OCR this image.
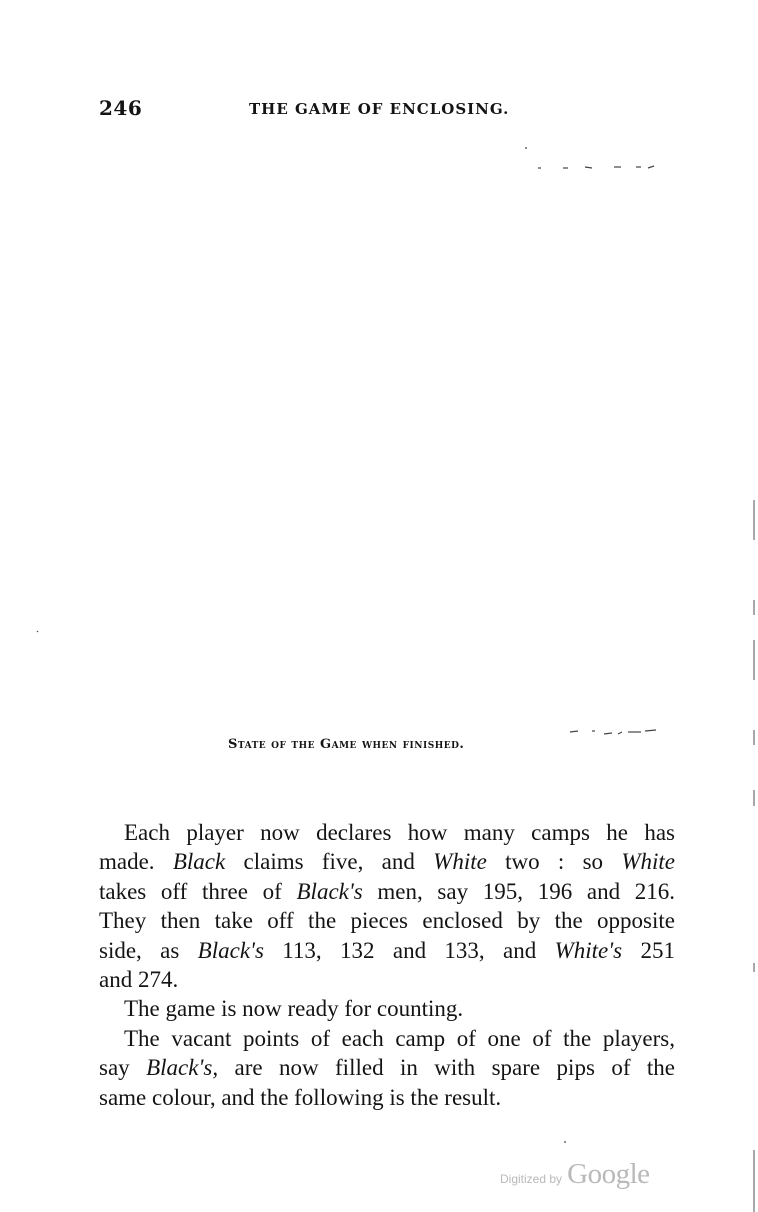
246	THE GAME OF ENCLOSING.
State of the Game when finished.
Each player now declares how many camps he has
made. Black claims five, and White two : so White
takes off three of Black's men, say 195, 196 and 216.
They then take off the pieces enclosed by the opposite
side, as Black's 113, 132 and 133, and White's 251
and 274.
The game is now ready for counting.
The vacant points of each camp of one of the players,
say Black's, are now filled in with spare pips of the
same colour, and the following is the result.
Digitized by Google
